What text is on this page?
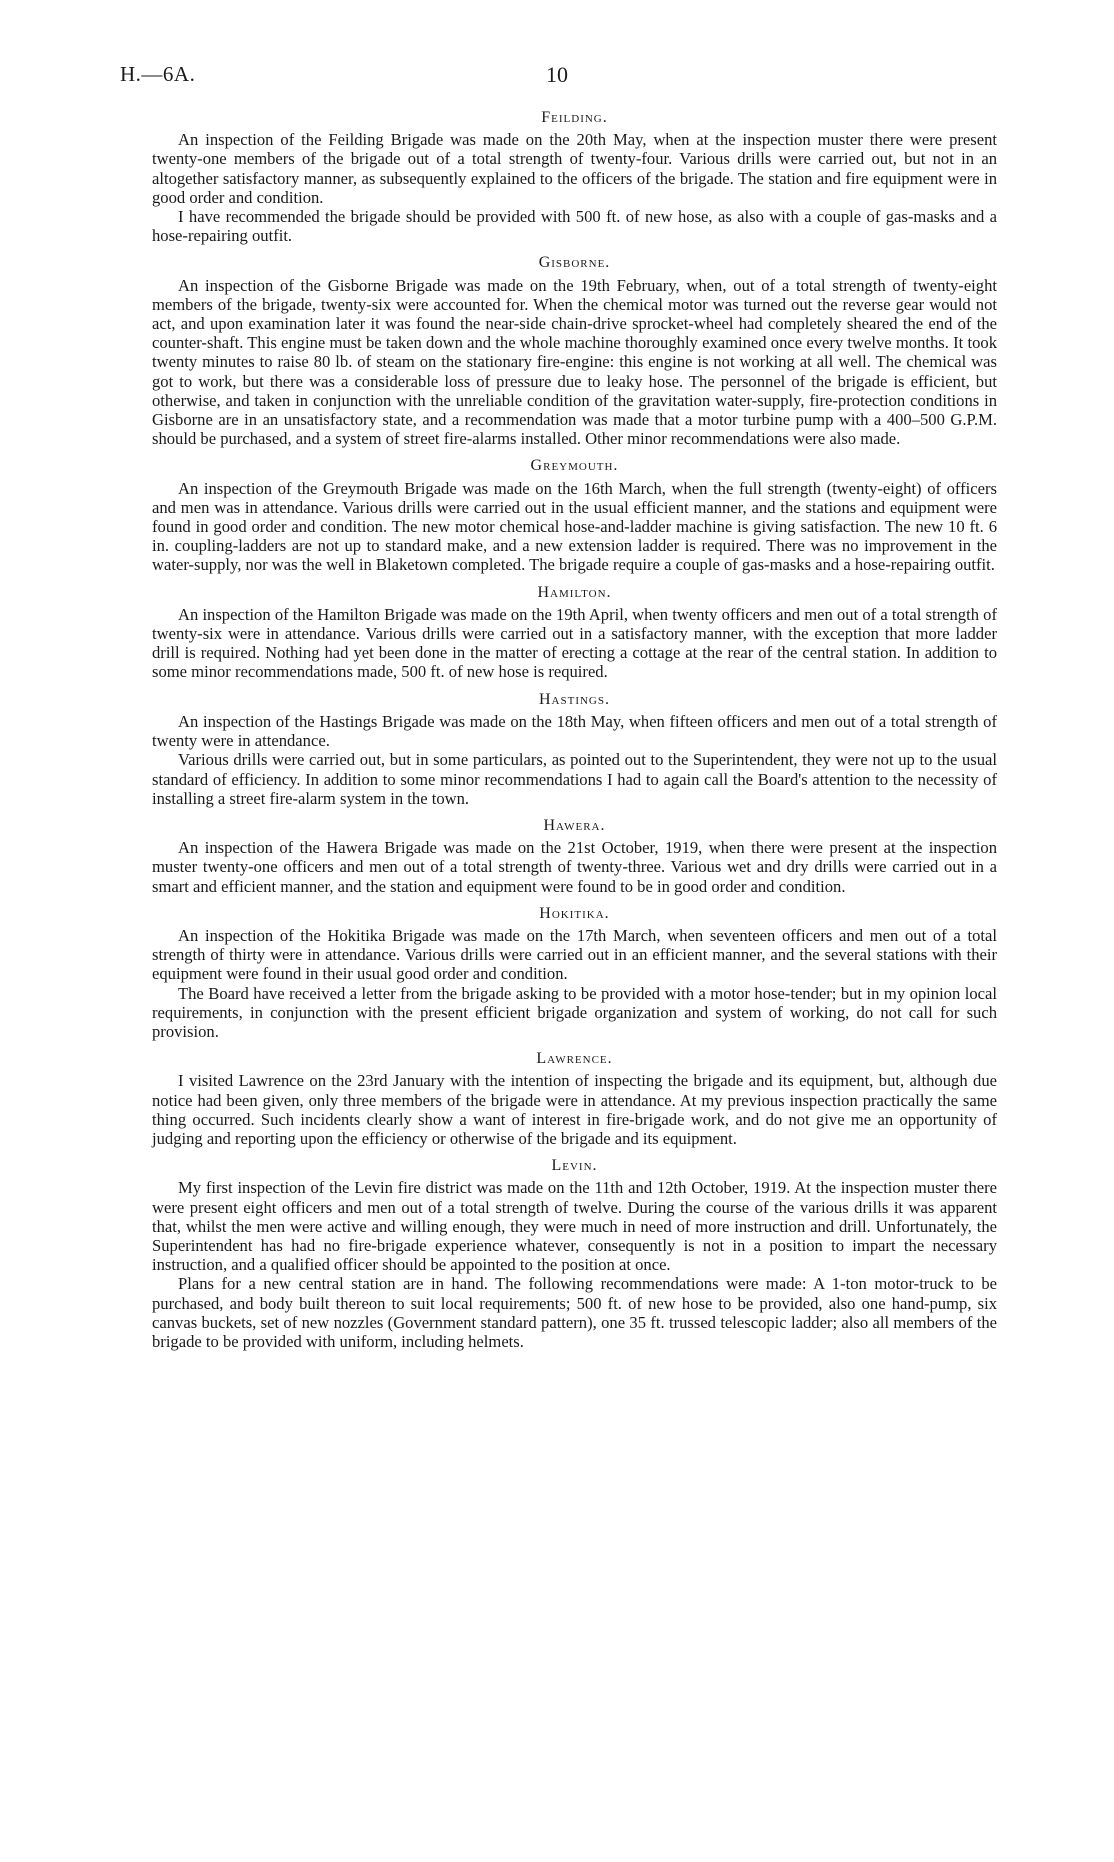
H.—6A.	10
Feilding.

An inspection of the Feilding Brigade was made on the 20th May, when at the inspection muster there were present twenty-one members of the brigade out of a total strength of twenty-four. Various drills were carried out, but not in an altogether satisfactory manner, as subsequently explained to the officers of the brigade. The station and fire equipment were in good order and condition.

I have recommended the brigade should be provided with 500 ft. of new hose, as also with a couple of gas-masks and a hose-repairing outfit.

Gisborne.

An inspection of the Gisborne Brigade was made on the 19th February, when, out of a total strength of twenty-eight members of the brigade, twenty-six were accounted for. When the chemical motor was turned out the reverse gear would not act, and upon examination later it was found the near-side chain-drive sprocket-wheel had completely sheared the end of the counter-shaft. This engine must be taken down and the whole machine thoroughly examined once every twelve months. It took twenty minutes to raise 80 lb. of steam on the stationary fire-engine: this engine is not working at all well. The chemical was got to work, but there was a considerable loss of pressure due to leaky hose. The personnel of the brigade is efficient, but otherwise, and taken in conjunction with the unreliable condition of the gravitation water-supply, fire-protection conditions in Gisborne are in an unsatisfactory state, and a recommendation was made that a motor turbine pump with a 400–500 G.P.M. should be purchased, and a system of street fire-alarms installed. Other minor recommendations were also made.

Greymouth.

An inspection of the Greymouth Brigade was made on the 16th March, when the full strength (twenty-eight) of officers and men was in attendance. Various drills were carried out in the usual efficient manner, and the stations and equipment were found in good order and condition. The new motor chemical hose-and-ladder machine is giving satisfaction. The new 10 ft. 6 in. coupling-ladders are not up to standard make, and a new extension ladder is required. There was no improvement in the water-supply, nor was the well in Blaketown completed. The brigade require a couple of gas-masks and a hose-repairing outfit.

Hamilton.

An inspection of the Hamilton Brigade was made on the 19th April, when twenty officers and men out of a total strength of twenty-six were in attendance. Various drills were carried out in a satisfactory manner, with the exception that more ladder drill is required. Nothing had yet been done in the matter of erecting a cottage at the rear of the central station. In addition to some minor recommendations made, 500 ft. of new hose is required.

Hastings.

An inspection of the Hastings Brigade was made on the 18th May, when fifteen officers and men out of a total strength of twenty were in attendance.

Various drills were carried out, but in some particulars, as pointed out to the Superintendent, they were not up to the usual standard of efficiency. In addition to some minor recommendations I had to again call the Board's attention to the necessity of installing a street fire-alarm system in the town.

Hawera.

An inspection of the Hawera Brigade was made on the 21st October, 1919, when there were present at the inspection muster twenty-one officers and men out of a total strength of twenty-three. Various wet and dry drills were carried out in a smart and efficient manner, and the station and equipment were found to be in good order and condition.

Hokitika.

An inspection of the Hokitika Brigade was made on the 17th March, when seventeen officers and men out of a total strength of thirty were in attendance. Various drills were carried out in an efficient manner, and the several stations with their equipment were found in their usual good order and condition.

The Board have received a letter from the brigade asking to be provided with a motor hose-tender; but in my opinion local requirements, in conjunction with the present efficient brigade organization and system of working, do not call for such provision.

Lawrence.

I visited Lawrence on the 23rd January with the intention of inspecting the brigade and its equipment, but, although due notice had been given, only three members of the brigade were in attendance. At my previous inspection practically the same thing occurred. Such incidents clearly show a want of interest in fire-brigade work, and do not give me an opportunity of judging and reporting upon the efficiency or otherwise of the brigade and its equipment.

Levin.

My first inspection of the Levin fire district was made on the 11th and 12th October, 1919. At the inspection muster there were present eight officers and men out of a total strength of twelve. During the course of the various drills it was apparent that, whilst the men were active and willing enough, they were much in need of more instruction and drill. Unfortunately, the Superintendent has had no fire-brigade experience whatever, consequently is not in a position to impart the necessary instruction, and a qualified officer should be appointed to the position at once.

Plans for a new central station are in hand. The following recommendations were made: A 1-ton motor-truck to be purchased, and body built thereon to suit local requirements; 500 ft. of new hose to be provided, also one hand-pump, six canvas buckets, set of new nozzles (Government standard pattern), one 35 ft. trussed telescopic ladder; also all members of the brigade to be provided with uniform, including helmets.
